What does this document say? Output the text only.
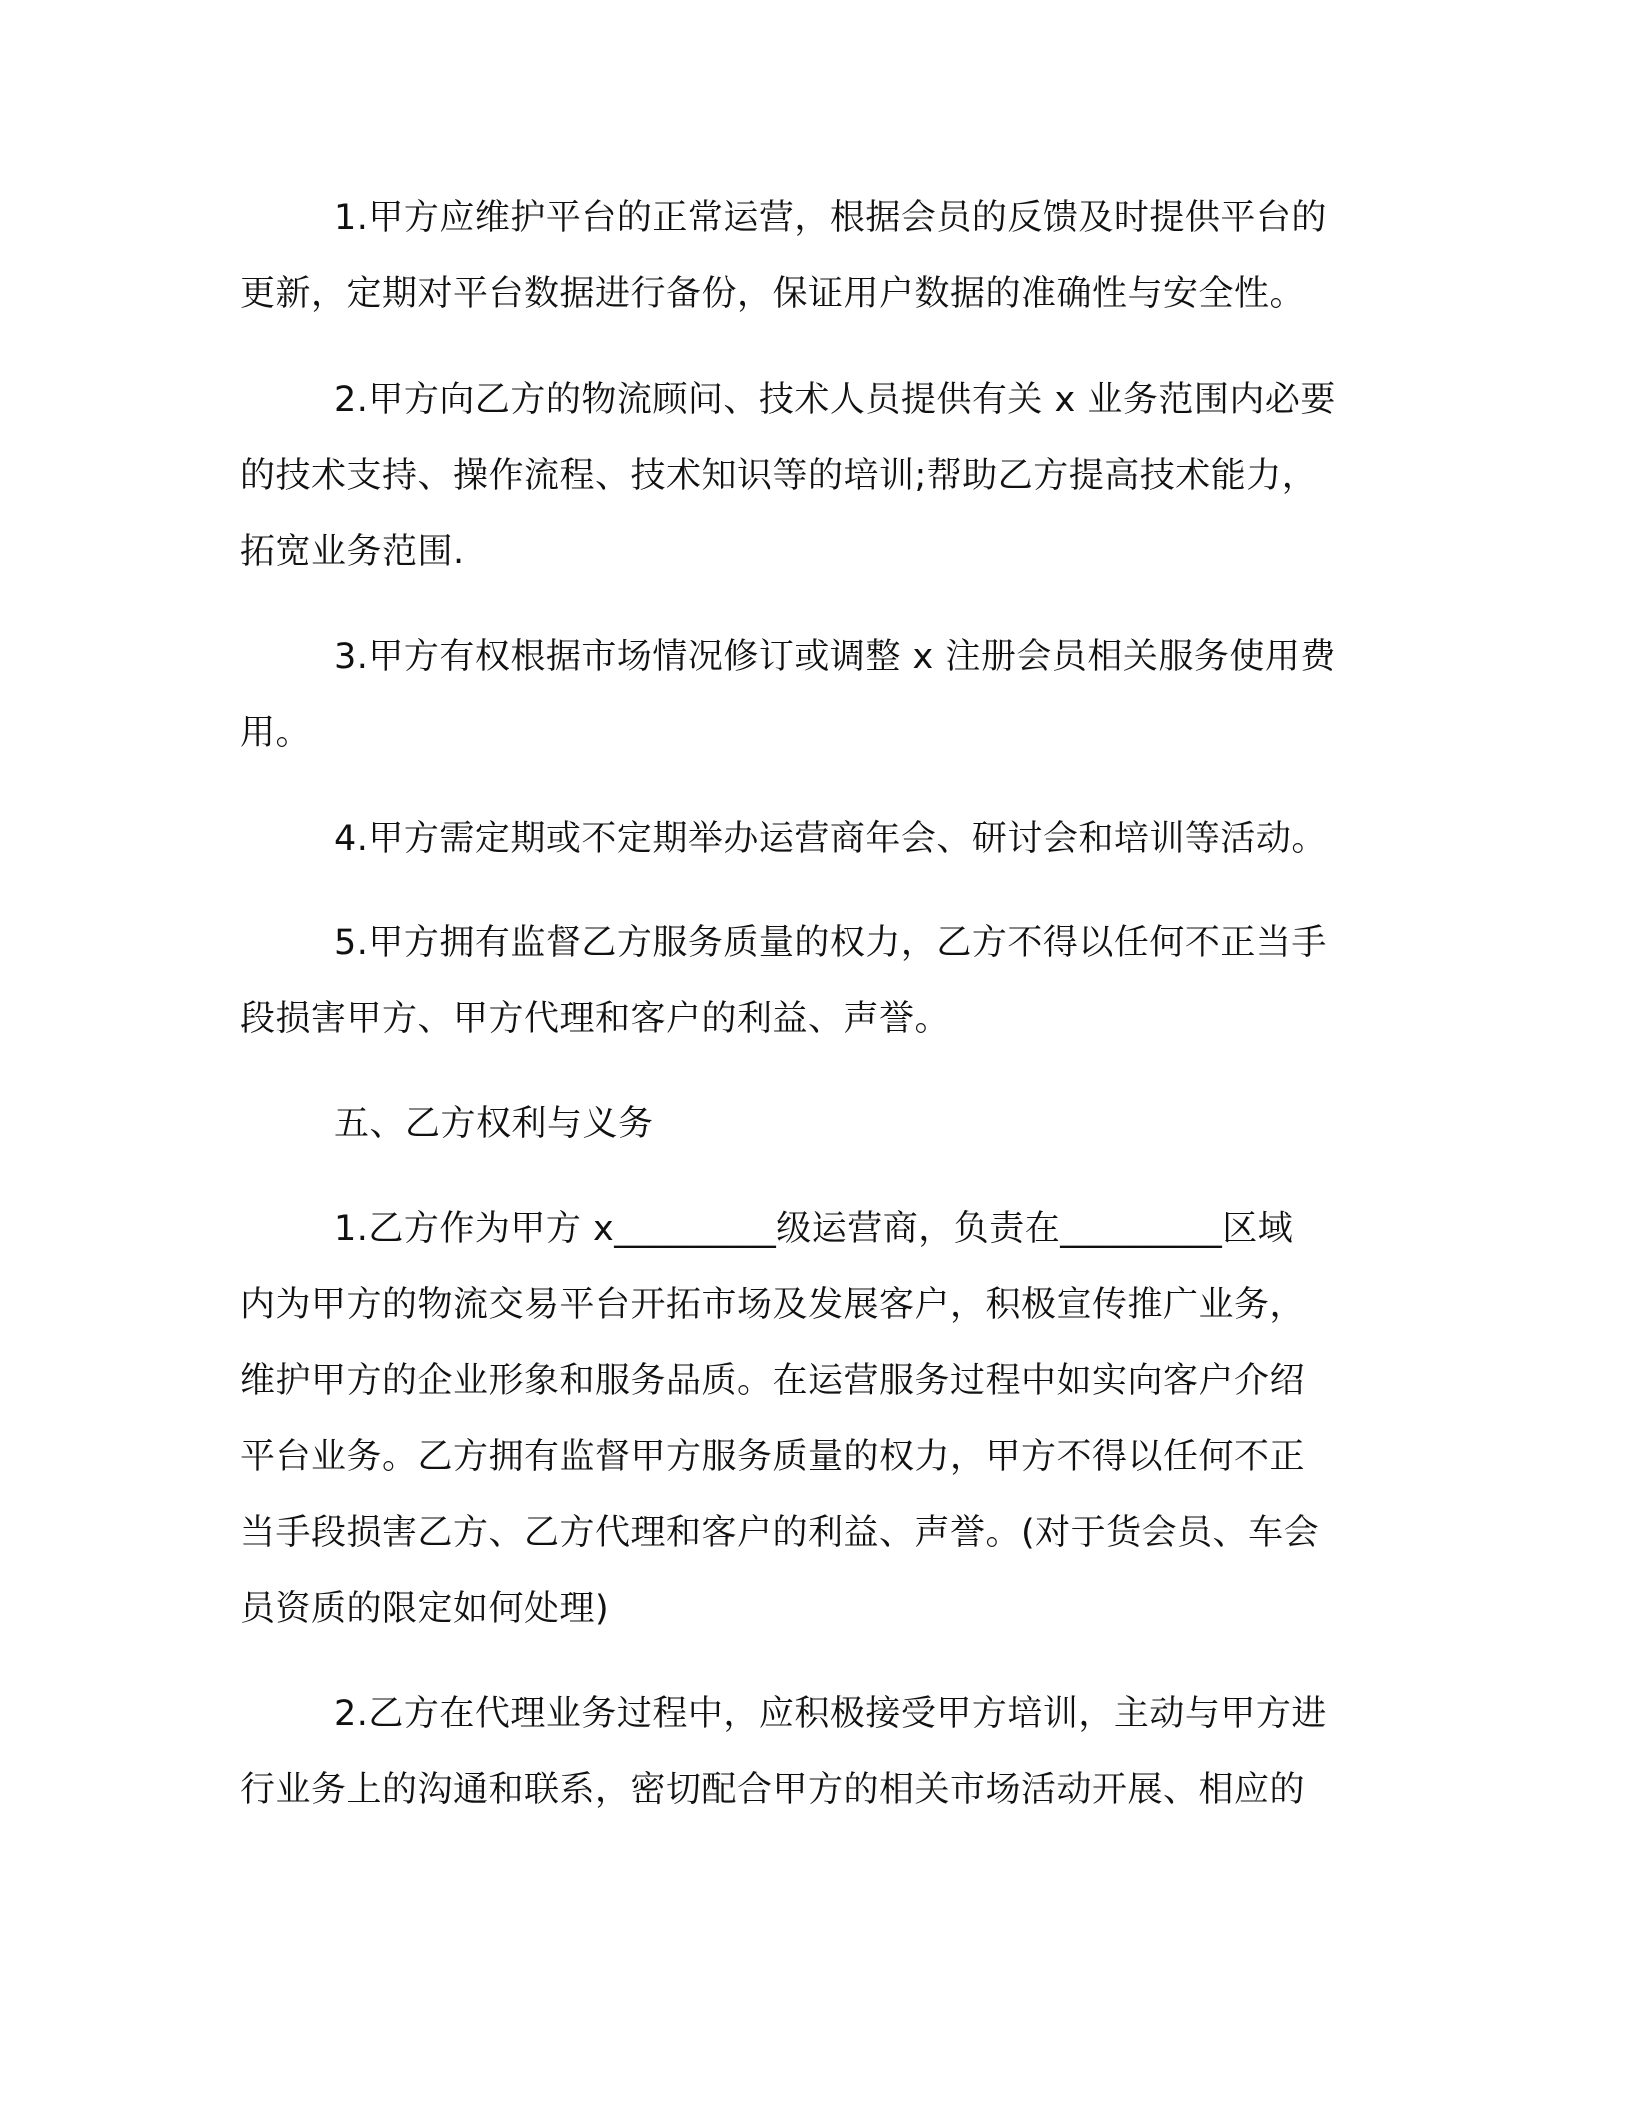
1.甲方应维护平台的正常运营，根据会员的反馈及时提供平台的
更新，定期对平台数据进行备份，保证用户数据的准确性与安全性。
2.甲方向乙方的物流顾问、技术人员提供有关 x 业务范围内必要
的技术支持、操作流程、技术知识等的培训;帮助乙方提高技术能力，
拓宽业务范围.
3.甲方有权根据市场情况修订或调整 x 注册会员相关服务使用费
用。
4.甲方需定期或不定期举办运营商年会、研讨会和培训等活动。
5.甲方拥有监督乙方服务质量的权力，乙方不得以任何不正当手
段损害甲方、甲方代理和客户的利益、声誉。
五、乙方权利与义务
1.乙方作为甲方 x_________级运营商，负责在_________区域
内为甲方的物流交易平台开拓市场及发展客户，积极宣传推广业务，
维护甲方的企业形象和服务品质。在运营服务过程中如实向客户介绍
平台业务。乙方拥有监督甲方服务质量的权力，甲方不得以任何不正
当手段损害乙方、乙方代理和客户的利益、声誉。(对于货会员、车会
员资质的限定如何处理)
2.乙方在代理业务过程中，应积极接受甲方培训，主动与甲方进
行业务上的沟通和联系，密切配合甲方的相关市场活动开展、相应的
